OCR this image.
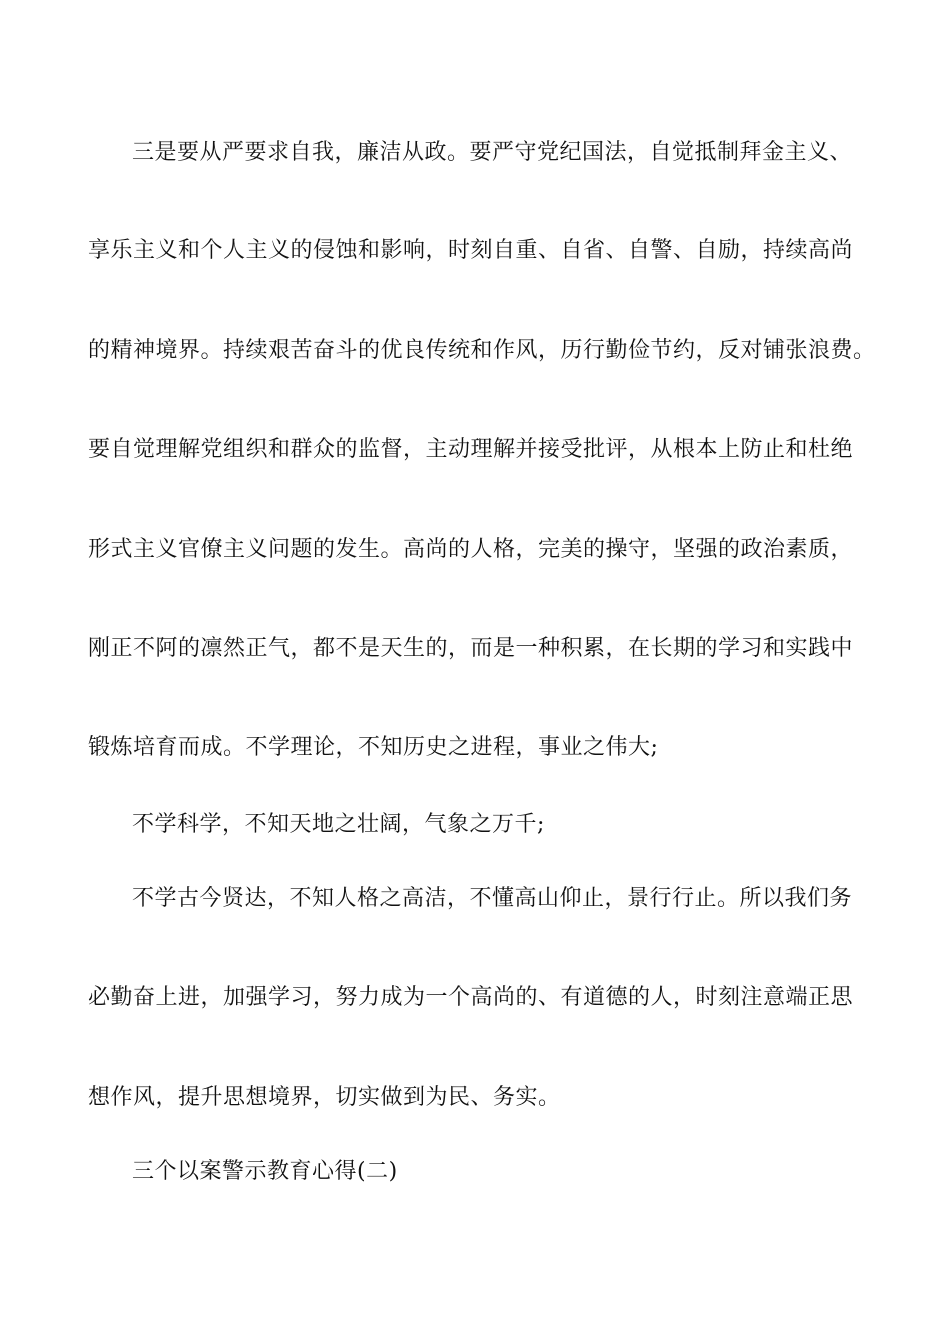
三是要从严要求自我，廉洁从政。要严守党纪国法，自觉抵制拜金主义、
享乐主义和个人主义的侵蚀和影响，时刻自重、自省、自警、自励，持续高尚
的精神境界。持续艰苦奋斗的优良传统和作风，历行勤俭节约，反对铺张浪费。
要自觉理解党组织和群众的监督，主动理解并接受批评，从根本上防止和杜绝
形式主义官僚主义问题的发生。高尚的人格，完美的操守，坚强的政治素质，
刚正不阿的凛然正气，都不是天生的，而是一种积累，在长期的学习和实践中
锻炼培育而成。不学理论，不知历史之进程，事业之伟大;
不学科学，不知天地之壮阔，气象之万千;
不学古今贤达，不知人格之高洁，不懂高山仰止，景行行止。所以我们务
必勤奋上进，加强学习，努力成为一个高尚的、有道德的人，时刻注意端正思
想作风，提升思想境界，切实做到为民、务实。
三个以案警示教育心得(二)
